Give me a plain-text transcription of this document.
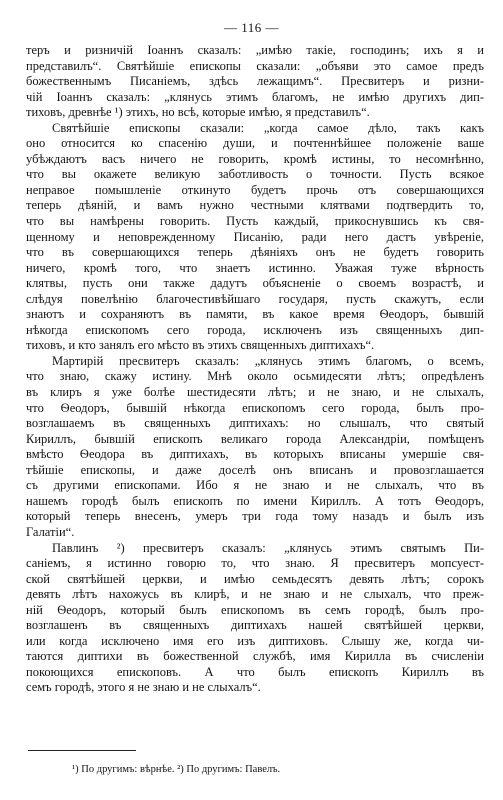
— 116 —
теръ и ризничій Іоаннъ сказалъ: „имѣю такіе, господинъ; ихъ я и
представилъ“. Святѣйшіе епископы сказали: „объяви это самое предъ
божественнымъ Писаніемъ, здѣсь лежащимъ“. Пресвитеръ и ризни-
чій Іоаннъ сказалъ: „клянусь этимъ благомъ, не имѣю другихъ дип-
тиховъ, древнѣе ¹) этихъ, но всѣ, которые имѣю, я представилъ“.
Святѣйшіе епископы сказали: „когда самое дѣло, такъ какъ
оно относится ко спасенію души, и почтеннѣйшее положеніе ваше
убѣждаютъ васъ ничего не говорить, кромѣ истины, то несомнѣнно,
что вы окажете великую заботливость о точности. Пусть всякое
неправое помышленіе откинуто будетъ прочь отъ совершающихся
теперь дѣяній, и вамъ нужно честными клятвами подтвердить то,
что вы намѣрены говорить. Пусть каждый, прикоснувшись къ свя-
щенному и неповрежденному Писанію, ради него дастъ увѣреніе,
что въ совершающихся теперь дѣяніяхъ онъ не будетъ говорить
ничего, кромѣ того, что знаетъ истинно. Уважая туже вѣрность
клятвы, пусть они также дадутъ объясненіе о своемъ возрастѣ, и
слѣдуя повелѣнію благочестивѣйшаго государя, пусть скажутъ, если
знаютъ и сохраняютъ въ памяти, въ какое время Ѳеодоръ, бывшій
нѣкогда епископомъ сего города, исключенъ изъ священныхъ дип-
тиховъ, и кто занялъ его мѣсто въ этихъ священныхъ диптихахъ“.
Мартирій пресвитеръ сказалъ: „клянусь этимъ благомъ, о всемъ,
что знаю, скажу истину. Мнѣ около осьмидесяти лѣтъ; опредѣленъ
въ клиръ я уже болѣе шестидесяти лѣтъ; и не знаю, и не слыхалъ,
что Ѳеодоръ, бывшій нѣкогда епископомъ сего города, былъ про-
возглашаемъ въ священныхъ диптихахъ: но слышалъ, что святый
Кириллъ, бывшій епископъ великаго города Александріи, помѣщенъ
вмѣсто Ѳеодора въ диптихахъ, въ которыхъ вписаны умершіе свя-
тѣйшіе епископы, и даже доселѣ онъ вписанъ и провозглашается
съ другими епископами. Ибо я не знаю и не слыхалъ, что въ
нашемъ городѣ былъ епископъ по имени Кириллъ. А тотъ Ѳеодоръ,
который теперь внесенъ, умеръ три года тому назадъ и былъ изъ
Галатіи“.
Павлинъ ²) пресвитеръ сказалъ: „клянусь этимъ святымъ Пи-
саніемъ, я истинно говорю то, что знаю. Я пресвитеръ мопсуест-
ской святѣйшей церкви, и имѣю семьдесятъ девять лѣтъ; сорокъ
девять лѣтъ нахожусь въ клирѣ, и не знаю и не слыхалъ, что преж-
ній Ѳеодоръ, который былъ епископомъ въ семъ городѣ, былъ про-
возглашенъ въ священныхъ диптихахъ нашей святѣйшей церкви,
или когда исключено имя его изъ диптиховъ. Слышу же, когда чи-
таются диптихи въ божественной службѣ, имя Кирилла въ счисленіи
покоющихся епископовъ. А что былъ епископъ Кириллъ въ
семъ городѣ, этого я не знаю и не слыхалъ“.
¹) По другимъ: вѣрнѣе. ²) По другимъ: Павелъ.
